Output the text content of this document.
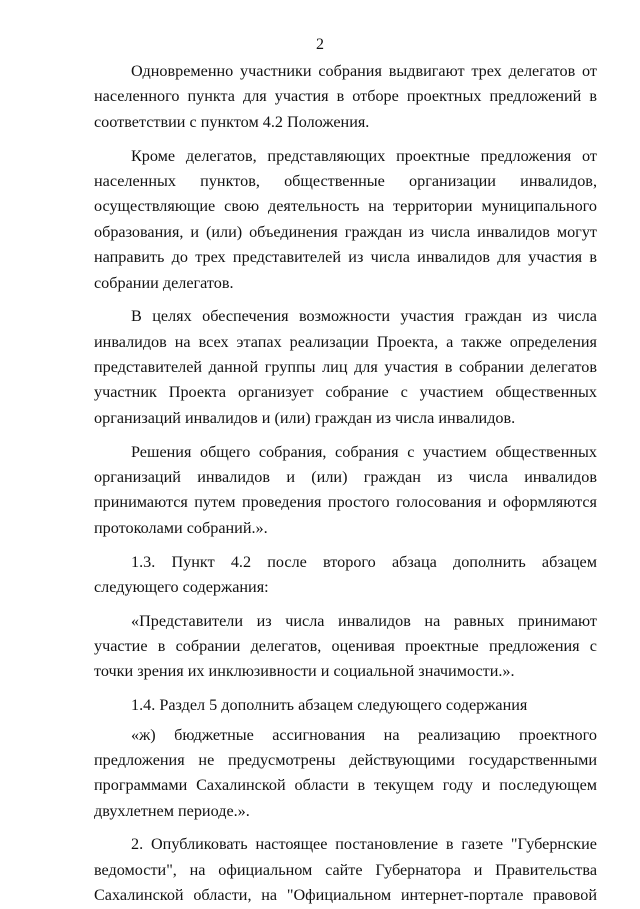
2

Одновременно участники собрания выдвигают трех делегатов от населенного пункта для участия в отборе проектных предложений в соответствии с пунктом 4.2 Положения.

Кроме делегатов, представляющих проектные предложения от населенных пунктов, общественные организации инвалидов, осуществляющие свою деятельность на территории муниципального образования, и (или) объединения граждан из числа инвалидов могут направить до трех представителей из числа инвалидов для участия в собрании делегатов.

В целях обеспечения возможности участия граждан из числа инвалидов на всех этапах реализации Проекта, а также определения представителей данной группы лиц для участия в собрании делегатов участник Проекта организует собрание с участием общественных организаций инвалидов и (или) граждан из числа инвалидов.

Решения общего собрания, собрания с участием общественных организаций инвалидов и (или) граждан из числа инвалидов принимаются путем проведения простого голосования и оформляются протоколами собраний.».

1.3. Пункт 4.2 после второго абзаца дополнить абзацем следующего содержания:

«Представители из числа инвалидов на равных принимают участие в собрании делегатов, оценивая проектные предложения с точки зрения их инклюзивности и социальной значимости.».

1.4. Раздел 5 дополнить абзацем следующего содержания

«ж) бюджетные ассигнования на реализацию проектного предложения не предусмотрены действующими государственными программами Сахалинской области в текущем году и последующем двухлетнем периоде.».

2. Опубликовать настоящее постановление в газете "Губернские ведомости", на официальном сайте Губернатора и Правительства Сахалинской области, на "Официальном интернет-портале правовой
